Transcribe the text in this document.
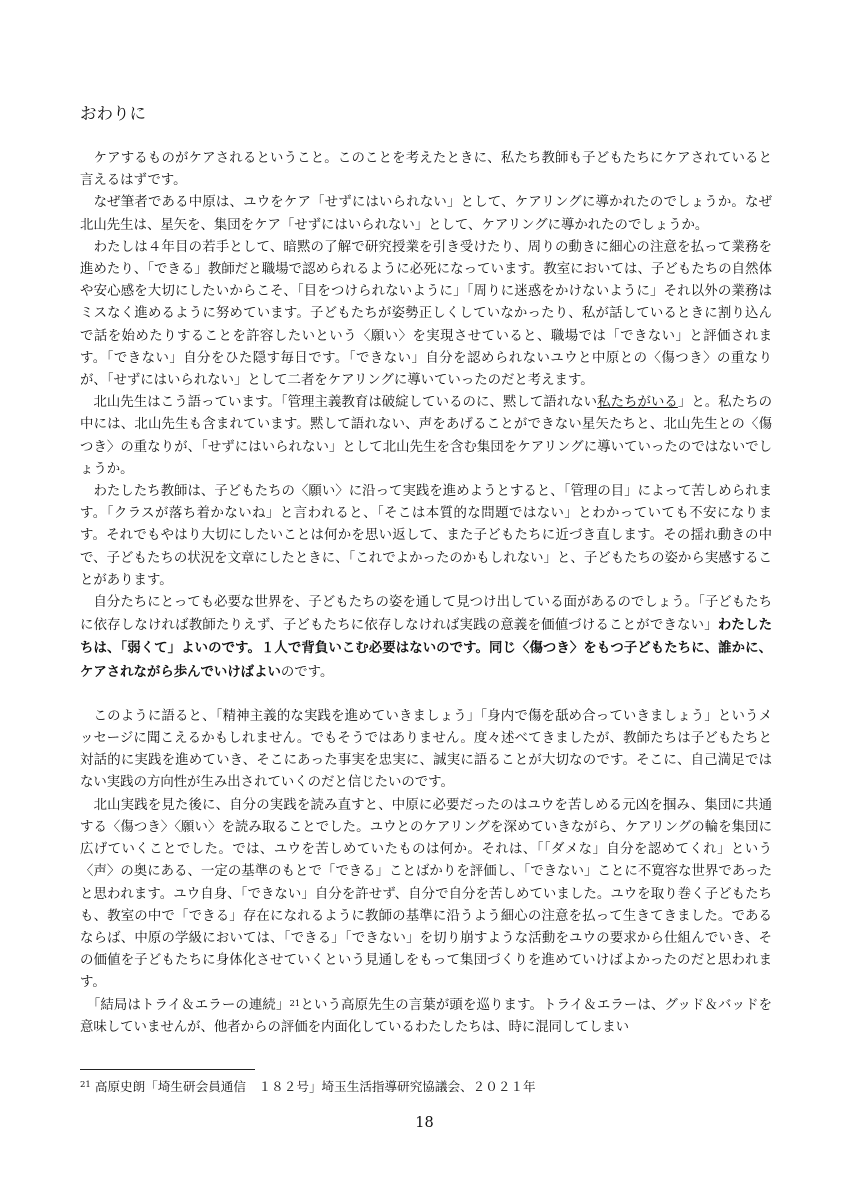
おわりに

　ケアするものがケアされるということ。このことを考えたときに、私たち教師も子どもたちにケアされていると言えるはずです。

　なぜ筆者である中原は、ユウをケア「せずにはいられない」として、ケアリングに導かれたのでしょうか。なぜ北山先生は、星矢を、集団をケア「せずにはいられない」として、ケアリングに導かれたのでしょうか。

　わたしは４年目の若手として、暗黙の了解で研究授業を引き受けたり、周りの動きに細心の注意を払って業務を進めたり、「できる」教師だと職場で認められるように必死になっています。教室においては、子どもたちの自然体や安心感を大切にしたいからこそ、「目をつけられないように」「周りに迷惑をかけないように」それ以外の業務はミスなく進めるように努めています。子どもたちが姿勢正しくしていなかったり、私が話しているときに割り込んで話を始めたりすることを許容したいという〈願い〉を実現させていると、職場では「できない」と評価されます。「できない」自分をひた隠す毎日です。「できない」自分を認められないユウと中原との〈傷つき〉の重なりが、「せずにはいられない」として二者をケアリングに導いていったのだと考えます。

　北山先生はこう語っています。「管理主義教育は破綻しているのに、黙して語れない私たちがいる」と。私たちの中には、北山先生も含まれています。黙して語れない、声をあげることができない星矢たちと、北山先生との〈傷つき〉の重なりが、「せずにはいられない」として北山先生を含む集団をケアリングに導いていったのではないでしょうか。

　わたしたち教師は、子どもたちの〈願い〉に沿って実践を進めようとすると、「管理の目」によって苦しめられます。「クラスが落ち着かないね」と言われると、「そこは本質的な問題ではない」とわかっていても不安になります。それでもやはり大切にしたいことは何かを思い返して、また子どもたちに近づき直します。その揺れ動きの中で、子どもたちの状況を文章にしたときに、「これでよかったのかもしれない」と、子どもたちの姿から実感することがあります。

　自分たちにとっても必要な世界を、子どもたちの姿を通して見つけ出している面があるのでしょう。「子どもたちに依存しなければ教師たりえず、子どもたちに依存しなければ実践の意義を価値づけることができない」わたしたちは、「弱くて」よいのです。１人で背負いこむ必要はないのです。同じ〈傷つき〉をもつ子どもたちに、誰かに、ケアされながら歩んでいけばよいのです。

　このように語ると、「精神主義的な実践を進めていきましょう」「身内で傷を舐め合っていきましょう」というメッセージに聞こえるかもしれません。でもそうではありません。度々述べてきましたが、教師たちは子どもたちと対話的に実践を進めていき、そこにあった事実を忠実に、誠実に語ることが大切なのです。そこに、自己満足ではない実践の方向性が生み出されていくのだと信じたいのです。

　北山実践を見た後に、自分の実践を読み直すと、中原に必要だったのはユウを苦しめる元凶を掴み、集団に共通する〈傷つき〉〈願い〉を読み取ることでした。ユウとのケアリングを深めていきながら、ケアリングの輪を集団に広げていくことでした。では、ユウを苦しめていたものは何か。それは、「「ダメな」自分を認めてくれ」という〈声〉の奥にある、一定の基準のもとで「できる」ことばかりを評価し、「できない」ことに不寛容な世界であったと思われます。ユウ自身、「できない」自分を許せず、自分で自分を苦しめていました。ユウを取り巻く子どもたちも、教室の中で「できる」存在になれるように教師の基準に沿うよう細心の注意を払って生きてきました。であるならば、中原の学級においては、「できる」「できない」を切り崩すような活動をユウの要求から仕組んでいき、その価値を子どもたちに身体化させていくという見通しをもって集団づくりを進めていけばよかったのだと思われます。

　「結局はトライ＆エラーの連続」$^{21}$という高原先生の言葉が頭を巡ります。トライ＆エラーは、グッド＆バッドを意味していませんが、他者からの評価を内面化しているわたしたちは、時に混同してしまい

$^{21}$ 高原史朗「埼生研会員通信　１８２号」埼玉生活指導研究協議会、２０２１年
18
